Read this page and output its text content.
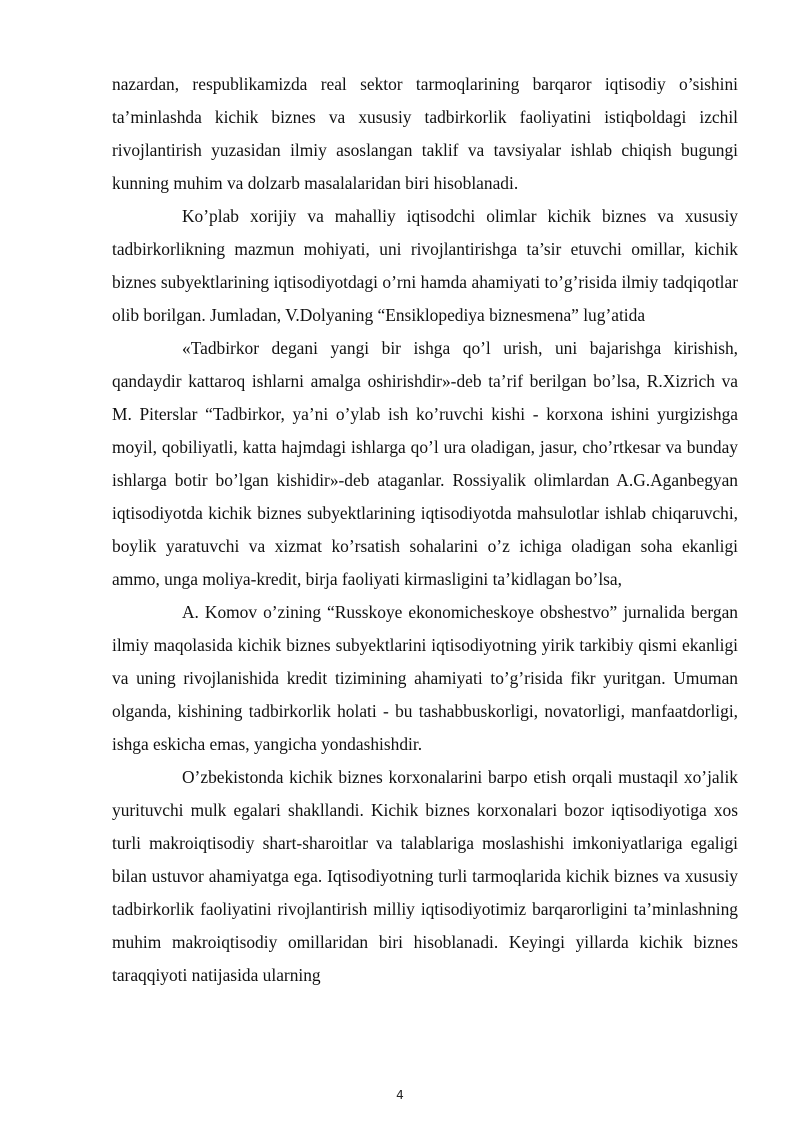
nazardan, respublikamizda real sektor tarmoqlarining barqaror iqtisodiy o’sishini ta’minlashda kichik biznes va xususiy tadbirkorlik faoliyatini istiqboldagi izchil rivojlantirish yuzasidan ilmiy asoslangan taklif va tavsiyalar ishlab chiqish bugungi kunning muhim va dolzarb masalalaridan biri hisoblanadi.

Ko’plab xorijiy va mahalliy iqtisodchi olimlar kichik biznes va xususiy tadbirkorlikning mazmun mohiyati, uni rivojlantirishga ta’sir etuvchi omillar, kichik biznes subyektlarining iqtisodiyotdagi o’rni hamda ahamiyati to’g’risida ilmiy tadqiqotlar olib borilgan. Jumladan, V.Dolyaning “Ensiklopediya biznesmena” lug’atida

«Tadbirkor degani yangi bir ishga qo’l urish, uni bajarishga kirishish, qandaydir kattaroq ishlarni amalga oshirishdir»-deb ta’rif berilgan bo’lsa, R.Xizrich va M. Piterslar “Tadbirkor, ya’ni o’ylab ish ko’ruvchi kishi - korxona ishini yurgizishga moyil, qobiliyatli, katta hajmdagi ishlarga qo’l ura oladigan, jasur, cho’rtkesar va bunday ishlarga botir bo’lgan kishidir»-deb ataganlar. Rossiyalik olimlardan A.G.Aganbegyan iqtisodiyotda kichik biznes subyektlarining iqtisodiyotda mahsulotlar ishlab chiqaruvchi, boylik yaratuvchi va xizmat ko’rsatish sohalarini o’z ichiga oladigan soha ekanligi ammo, unga moliya-kredit, birja faoliyati kirmasligini ta’kidlagan bo’lsa,

A. Komov o’zining “Russkoye ekonomicheskoye obshestvo” jurnalida bergan ilmiy maqolasida kichik biznes subyektlarini iqtisodiyotning yirik tarkibiy qismi ekanligi va uning rivojlanishida kredit tizimining ahamiyati to’g’risida fikr yuritgan. Umuman olganda, kishining tadbirkorlik holati - bu tashabbuskorligi, novatorligi, manfaatdorligi, ishga eskicha emas, yangicha yondashishdir.

O’zbekistonda kichik biznes korxonalarini barpo etish orqali mustaqil xo’jalik yurituvchi mulk egalari shakllandi. Kichik biznes korxonalari bozor iqtisodiyotiga xos turli makroiqtisodiy shart-sharoitlar va talablariga moslashishi imkoniyatlariga egaligi bilan ustuvor ahamiyatga ega. Iqtisodiyotning turli tarmoqlarida kichik biznes va xususiy tadbirkorlik faoliyatini rivojlantirish milliy iqtisodiyotimiz barqarorligini ta’minlashning muhim makroiqtisodiy omillaridan biri hisoblanadi. Keyingi yillarda kichik biznes taraqqiyoti natijasida ularning

4
